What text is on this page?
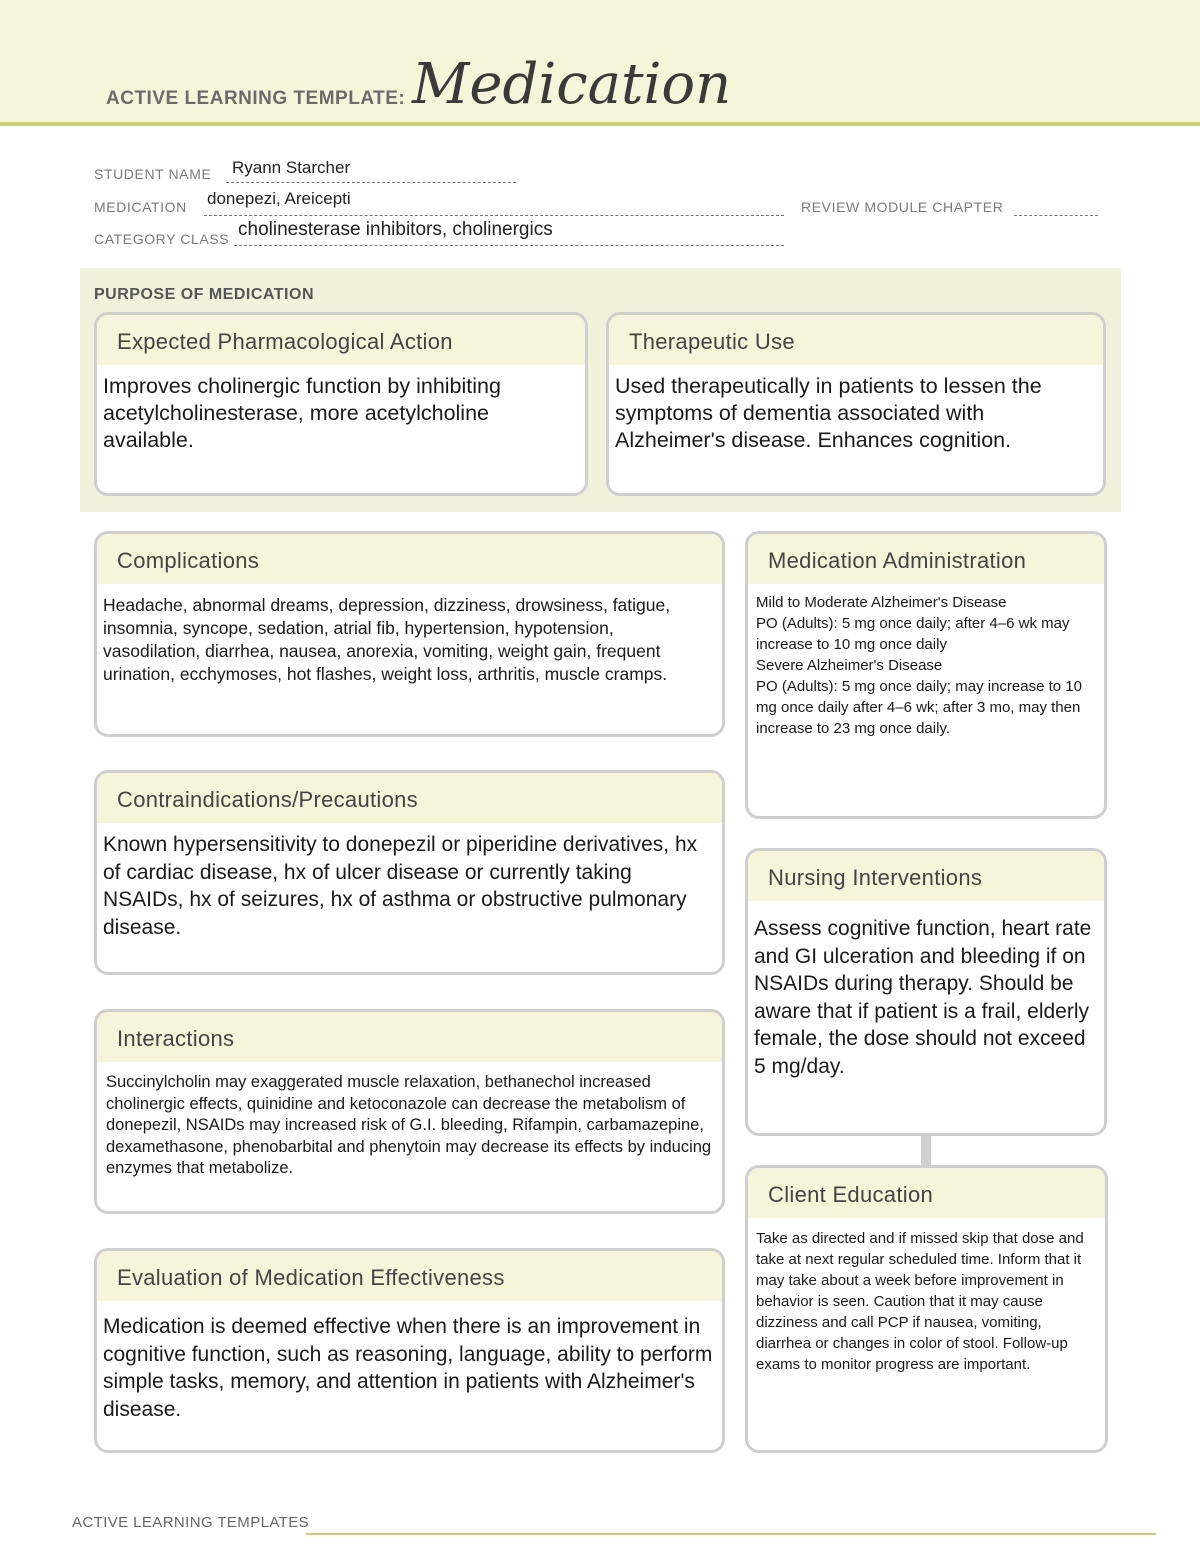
ACTIVE LEARNING TEMPLATE: Medication
STUDENT NAME Ryann Starcher
MEDICATION donepezi, Areicepti	REVIEW MODULE CHAPTER
CATEGORY CLASS cholinesterase inhibitors, cholinergics
PURPOSE OF MEDICATION
Expected Pharmacological Action
Improves cholinergic function by inhibiting acetylcholinesterase, more acetylcholine available.
Therapeutic Use
Used therapeutically in patients to lessen the symptoms of dementia associated with Alzheimer's disease. Enhances cognition.
Complications
Headache, abnormal dreams, depression, dizziness, drowsiness, fatigue, insomnia, syncope, sedation, atrial fib, hypertension, hypotension, vasodilation, diarrhea, nausea, anorexia, vomiting, weight gain, frequent urination, ecchymoses, hot flashes, weight loss, arthritis, muscle cramps.
Contraindications/Precautions
Known hypersensitivity to donepezil or piperidine derivatives, hx of cardiac disease, hx of ulcer disease or currently taking NSAIDs, hx of seizures, hx of asthma or obstructive pulmonary disease.
Interactions
Succinylcholin may exaggerated muscle relaxation, bethanechol increased cholinergic effects, quinidine and ketoconazole can decrease the metabolism of donepezil, NSAIDs may increased risk of G.I. bleeding, Rifampin, carbamazepine, dexamethasone, phenobarbital and phenytoin may decrease its effects by inducing enzymes that metabolize.
Evaluation of Medication Effectiveness
Medication is deemed effective when there is an improvement in cognitive function, such as reasoning, language, ability to perform simple tasks, memory, and attention in patients with Alzheimer's disease.
Medication Administration
Mild to Moderate Alzheimer's Disease
PO (Adults): 5 mg once daily; after 4–6 wk may increase to 10 mg once daily
Severe Alzheimer's Disease
PO (Adults): 5 mg once daily; may increase to 10 mg once daily after 4–6 wk; after 3 mo, may then increase to 23 mg once daily.
Nursing Interventions
Assess cognitive function, heart rate and GI ulceration and bleeding if on NSAIDs during therapy. Should be aware that if patient is a frail, elderly female, the dose should not exceed 5 mg/day.
Client Education
Take as directed and if missed skip that dose and take at next regular scheduled time. Inform that it may take about a week before improvement in behavior is seen. Caution that it may cause dizziness and call PCP if nausea, vomiting, diarrhea or changes in color of stool. Follow-up exams to monitor progress are important.
ACTIVE LEARNING TEMPLATES
